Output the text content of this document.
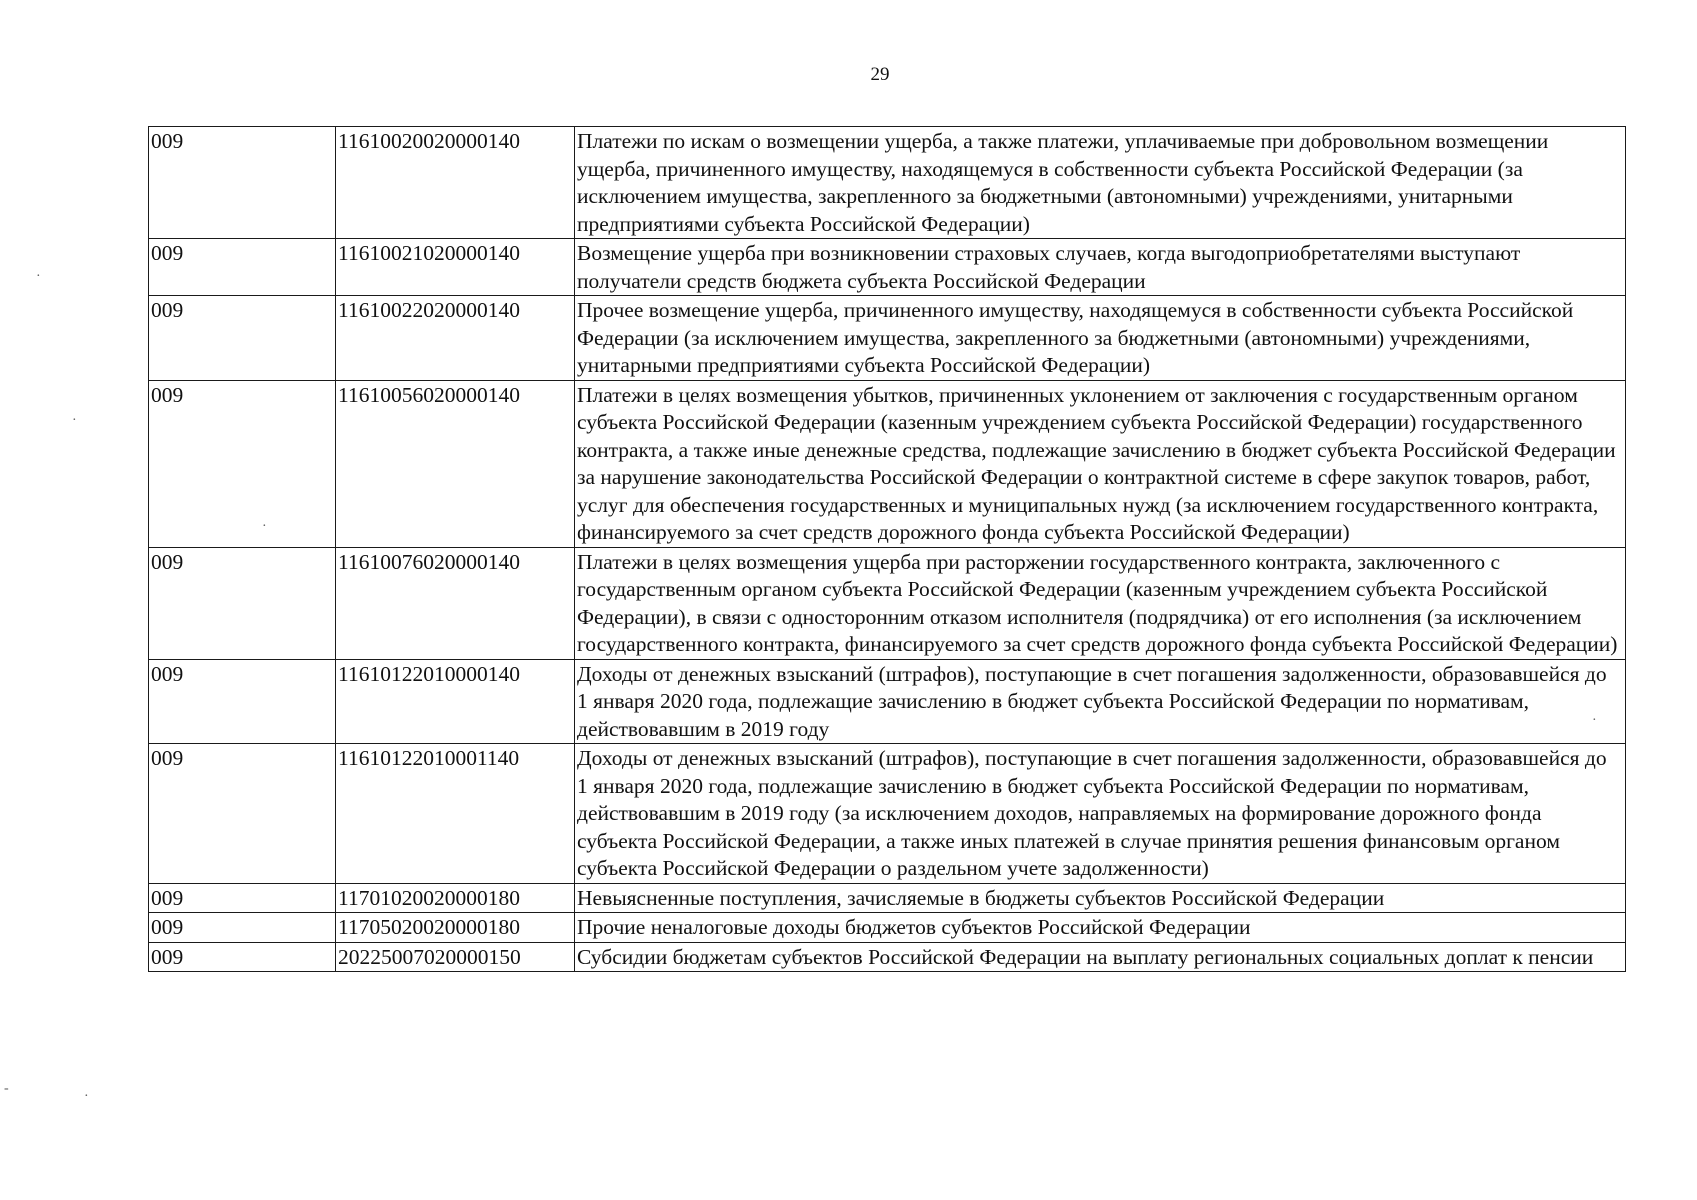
29
·
·
·
-
·
·
009	11610020020000140	Платежи по искам о возмещении ущерба, а также платежи, уплачиваемые при добровольном возмещении ущерба, причиненного имуществу, находящемуся в собственности субъекта Российской Федерации (за исключением имущества, закрепленного за бюджетными (автономными) учреждениями, унитарными предприятиями субъекта Российской Федерации)
009	11610021020000140	Возмещение ущерба при возникновении страховых случаев, когда выгодоприобретателями выступают получатели средств бюджета субъекта Российской Федерации
009	11610022020000140	Прочее возмещение ущерба, причиненного имуществу, находящемуся в собственности субъекта Российской Федерации (за исключением имущества, закрепленного за бюджетными (автономными) учреждениями, унитарными предприятиями субъекта Российской Федерации)
009	11610056020000140	Платежи в целях возмещения убытков, причиненных уклонением от заключения с государственным органом субъекта Российской Федерации (казенным учреждением субъекта Российской Федерации) государственного контракта, а также иные денежные средства, подлежащие зачислению в бюджет субъекта Российской Федерации за нарушение законодательства Российской Федерации о контрактной системе в сфере закупок товаров, работ, услуг для обеспечения государственных и муниципальных нужд (за исключением государственного контракта, финансируемого за счет средств дорожного фонда субъекта Российской Федерации)
009	11610076020000140	Платежи в целях возмещения ущерба при расторжении государственного контракта, заключенного с государственным органом субъекта Российской Федерации (казенным учреждением субъекта Российской Федерации), в связи с односторонним отказом исполнителя (подрядчика) от его исполнения (за исключением государственного контракта, финансируемого за счет средств дорожного фонда субъекта Российской Федерации)
009	11610122010000140	Доходы от денежных взысканий (штрафов), поступающие в счет погашения задолженности, образовавшейся до 1 января 2020 года, подлежащие зачислению в бюджет субъекта Российской Федерации по нормативам, действовавшим в 2019 году
009	11610122010001140	Доходы от денежных взысканий (штрафов), поступающие в счет погашения задолженности, образовавшейся до 1 января 2020 года, подлежащие зачислению в бюджет субъекта Российской Федерации по нормативам, действовавшим в 2019 году (за исключением доходов, направляемых на формирование дорожного фонда субъекта Российской Федерации, а также иных платежей в случае принятия решения финансовым органом субъекта Российской Федерации о раздельном учете задолженности)
009	11701020020000180	Невыясненные поступления, зачисляемые в бюджеты субъектов Российской Федерации
009	11705020020000180	Прочие неналоговые доходы бюджетов субъектов Российской Федерации
009	20225007020000150	Субсидии бюджетам субъектов Российской Федерации на выплату региональных социальных доплат к пенсии
